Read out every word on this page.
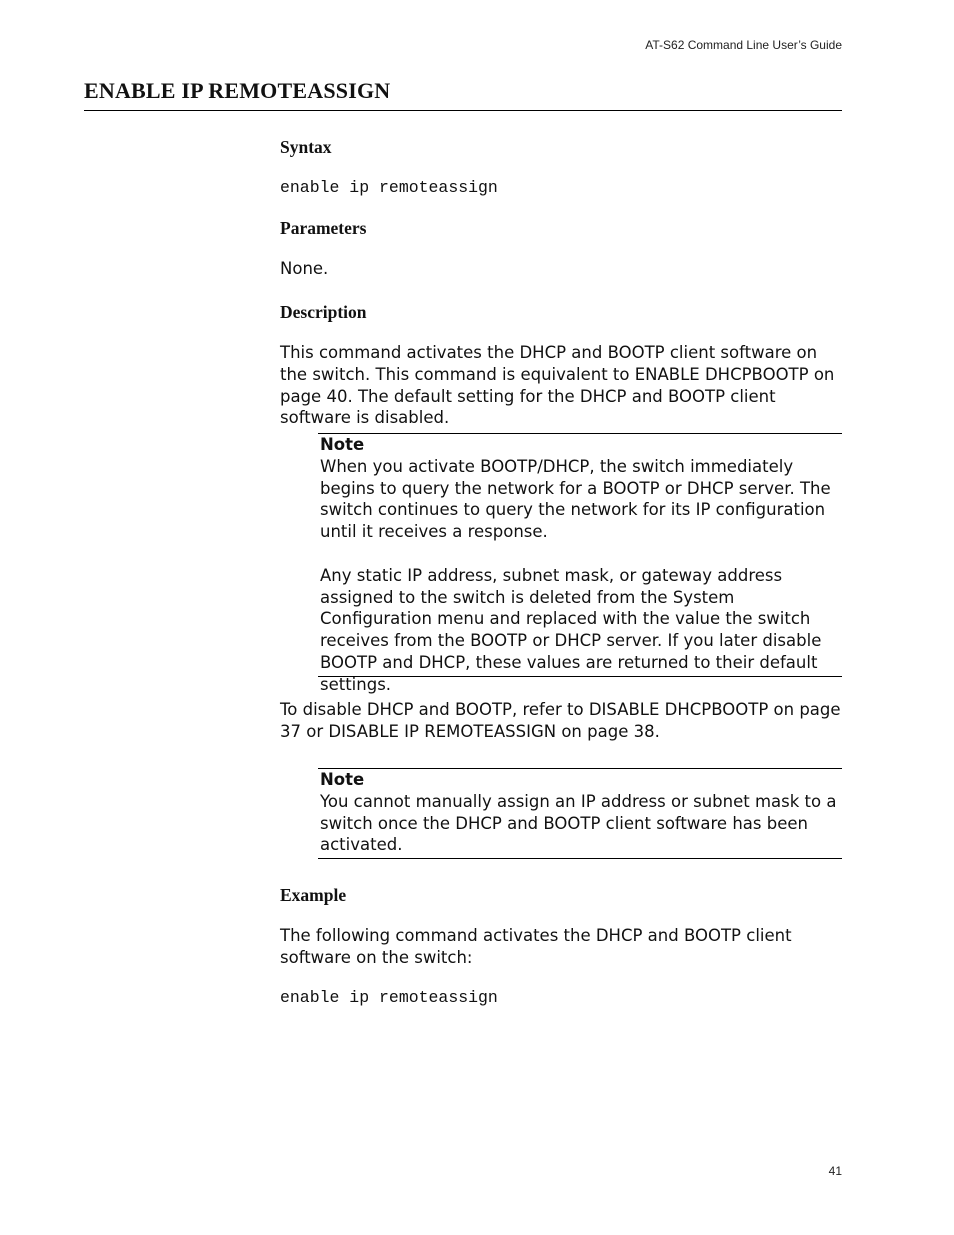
AT-S62 Command Line User’s Guide
ENABLE IP REMOTEASSIGN
Syntax
enable ip remoteassign
Parameters
None.
Description
This command activates the DHCP and BOOTP client software on the switch. This command is equivalent to ENABLE DHCPBOOTP on page 40. The default setting for the DHCP and BOOTP client software is disabled.
Note

When you activate BOOTP/DHCP, the switch immediately begins to query the network for a BOOTP or DHCP server. The switch continues to query the network for its IP configuration until it receives a response.

Any static IP address, subnet mask, or gateway address assigned to the switch is deleted from the System Configuration menu and replaced with the value the switch receives from the BOOTP or DHCP server. If you later disable BOOTP and DHCP, these values are returned to their default settings.

To disable DHCP and BOOTP, refer to DISABLE DHCPBOOTP on page 37 or DISABLE IP REMOTEASSIGN on page 38.
Note

You cannot manually assign an IP address or subnet mask to a switch once the DHCP and BOOTP client software has been activated.

Example
The following command activates the DHCP and BOOTP client software on the switch:
enable ip remoteassign
41
